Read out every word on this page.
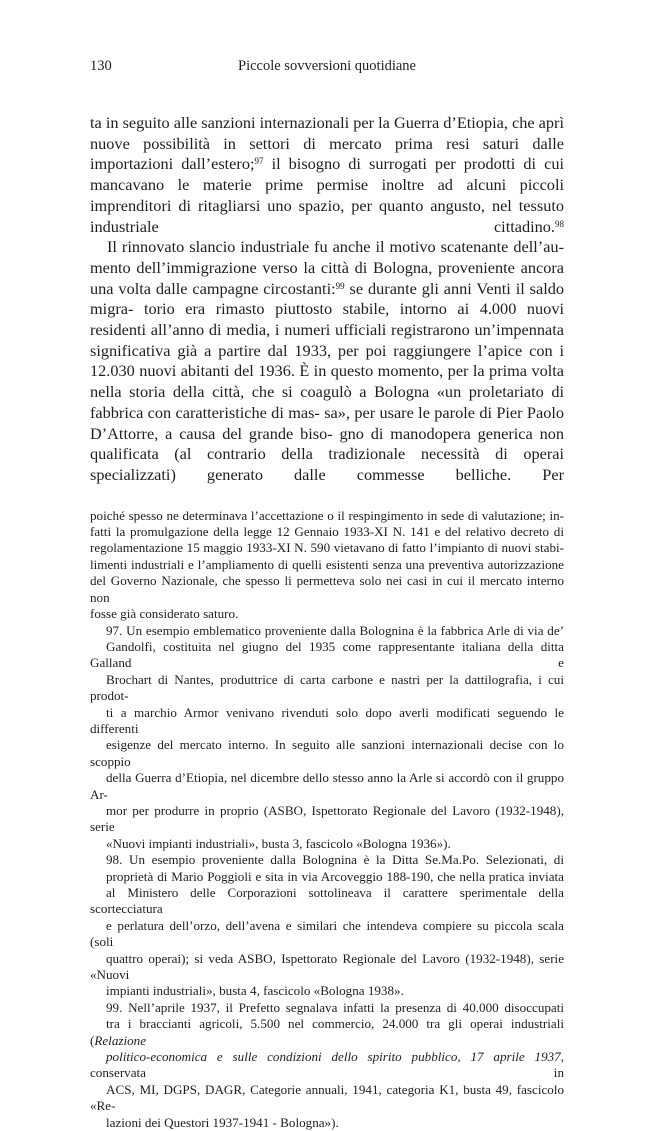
130	Piccole sovversioni quotidiane

ta in seguito alle sanzioni internazionali per la Guerra d’Etiopia, che aprì nuove possibilità in settori di mercato prima resi saturi dalle importazioni dall’estero;$^{97}$ il bisogno di surrogati per prodotti di cui mancavano le materie prime permise inoltre ad alcuni piccoli imprenditori di ritagliarsi uno spazio, per quanto angusto, nel tessuto industriale cittadino.$^{98}$

Il rinnovato slancio industriale fu anche il motivo scatenante dell’au- mento dell’immigrazione verso la città di Bologna, proveniente ancora una volta dalle campagne circostanti:$^{99}$ se durante gli anni Venti il saldo migra- torio era rimasto piuttosto stabile, intorno ai 4.000 nuovi residenti all’anno di media, i numeri ufficiali registrarono un’impennata significativa già a partire dal 1933, per poi raggiungere l’apice con i 12.030 nuovi abitanti del 1936. È in questo momento, per la prima volta nella storia della città, che si coagulò a Bologna «un proletariato di fabbrica con caratteristiche di mas- sa», per usare le parole di Pier Paolo D’Attorre, a causa del grande biso- gno di manodopera generica non qualificata (al contrario della tradizionale necessità di operai specializzati) generato dalle commesse belliche. Per

poiché spesso ne determinava l’accettazione o il respingimento in sede di valutazione; in-
fatti la promulgazione della legge 12 Gennaio 1933-XI N. 141 e del relativo decreto di
regolamentazione 15 maggio 1933-XI N. 590 vietavano di fatto l’impianto di nuovi stabi-
limenti industriali e l’ampliamento di quelli esistenti senza una preventiva autorizzazione
del Governo Nazionale, che spesso li permetteva solo nei casi in cui il mercato interno non
fosse già considerato saturo.

97. Un esempio emblematico proveniente dalla Bolognina è la fabbrica Arle di via de’
Gandolfi, costituita nel giugno del 1935 come rappresentante italiana della ditta Galland e
Brochart di Nantes, produttrice di carta carbone e nastri per la dattilografia, i cui prodot-
ti a marchio Armor venivano rivenduti solo dopo averli modificati seguendo le differenti
esigenze del mercato interno. In seguito alle sanzioni internazionali decise con lo scoppio
della Guerra d’Etiopia, nel dicembre dello stesso anno la Arle si accordò con il gruppo Ar-
mor per produrre in proprio (ASBO, Ispettorato Regionale del Lavoro (1932-1948), serie
«Nuovi impianti industriali», busta 3, fascicolo «Bologna 1936»).

98. Un esempio proveniente dalla Bolognina è la Ditta Se.Ma.Po. Selezionati, di
proprietà di Mario Poggioli e sita in via Arcoveggio 188-190, che nella pratica inviata
al Ministero delle Corporazioni sottolineava il carattere sperimentale della scortecciatura
e perlatura dell’orzo, dell’avena e similari che intendeva compiere su piccola scala (soli
quattro operai); si veda ASBO, Ispettorato Regionale del Lavoro (1932-1948), serie «Nuovi
impianti industriali», busta 4, fascicolo «Bologna 1938».

99. Nell’aprile 1937, il Prefetto segnalava infatti la presenza di 40.000 disoccupati
tra i braccianti agricoli, 5.500 nel commercio, 24.000 tra gli operai industriali (Relazione
politico-economica e sulle condizioni dello spirito pubblico, 17 aprile 1937, conservata in
ACS, MI, DGPS, DAGR, Categorie annuali, 1941, categoria K1, busta 49, fascicolo «Re-
lazioni dei Questori 1937-1941 - Bologna»).
